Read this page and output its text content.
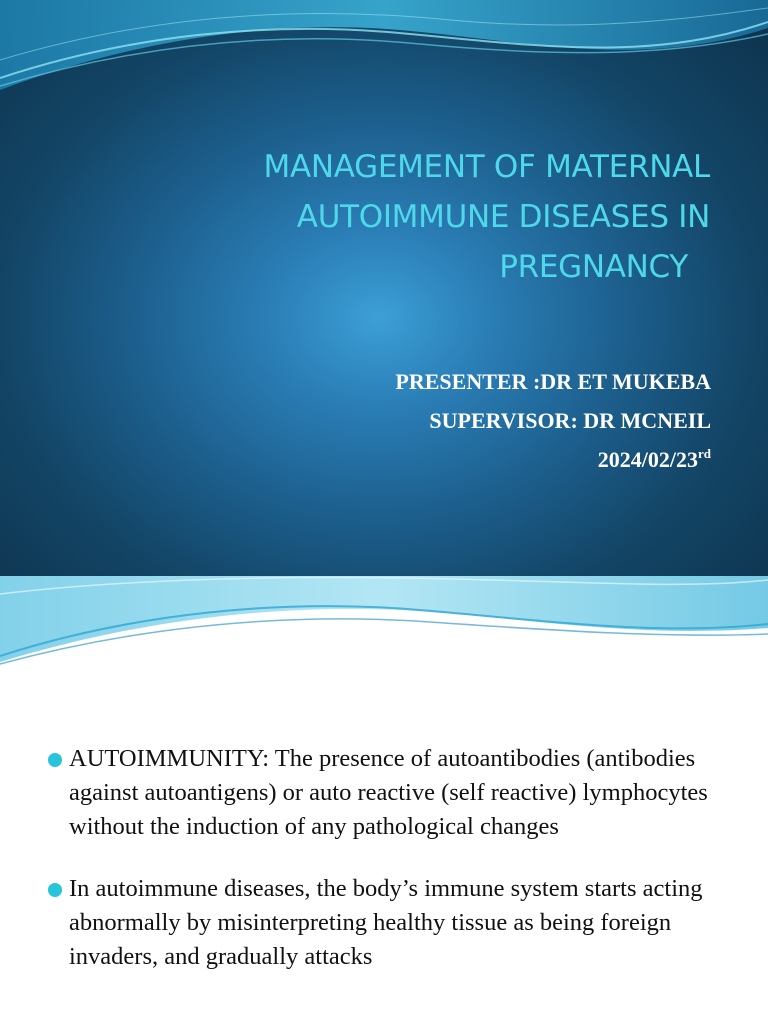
MANAGEMENT OF MATERNAL
AUTOIMMUNE DISEASES IN
PREGNANCY
PRESENTER :DR ET MUKEBA
SUPERVISOR: DR MCNEIL
2024/02/23rd
AUTOIMMUNITY: The presence of autoantibodies (antibodies against autoantigens) or auto reactive (self reactive) lymphocytes without the induction of any pathological changes
In autoimmune diseases, the body’s immune system starts acting abnormally by misinterpreting healthy tissue as being foreign invaders, and gradually attacks
